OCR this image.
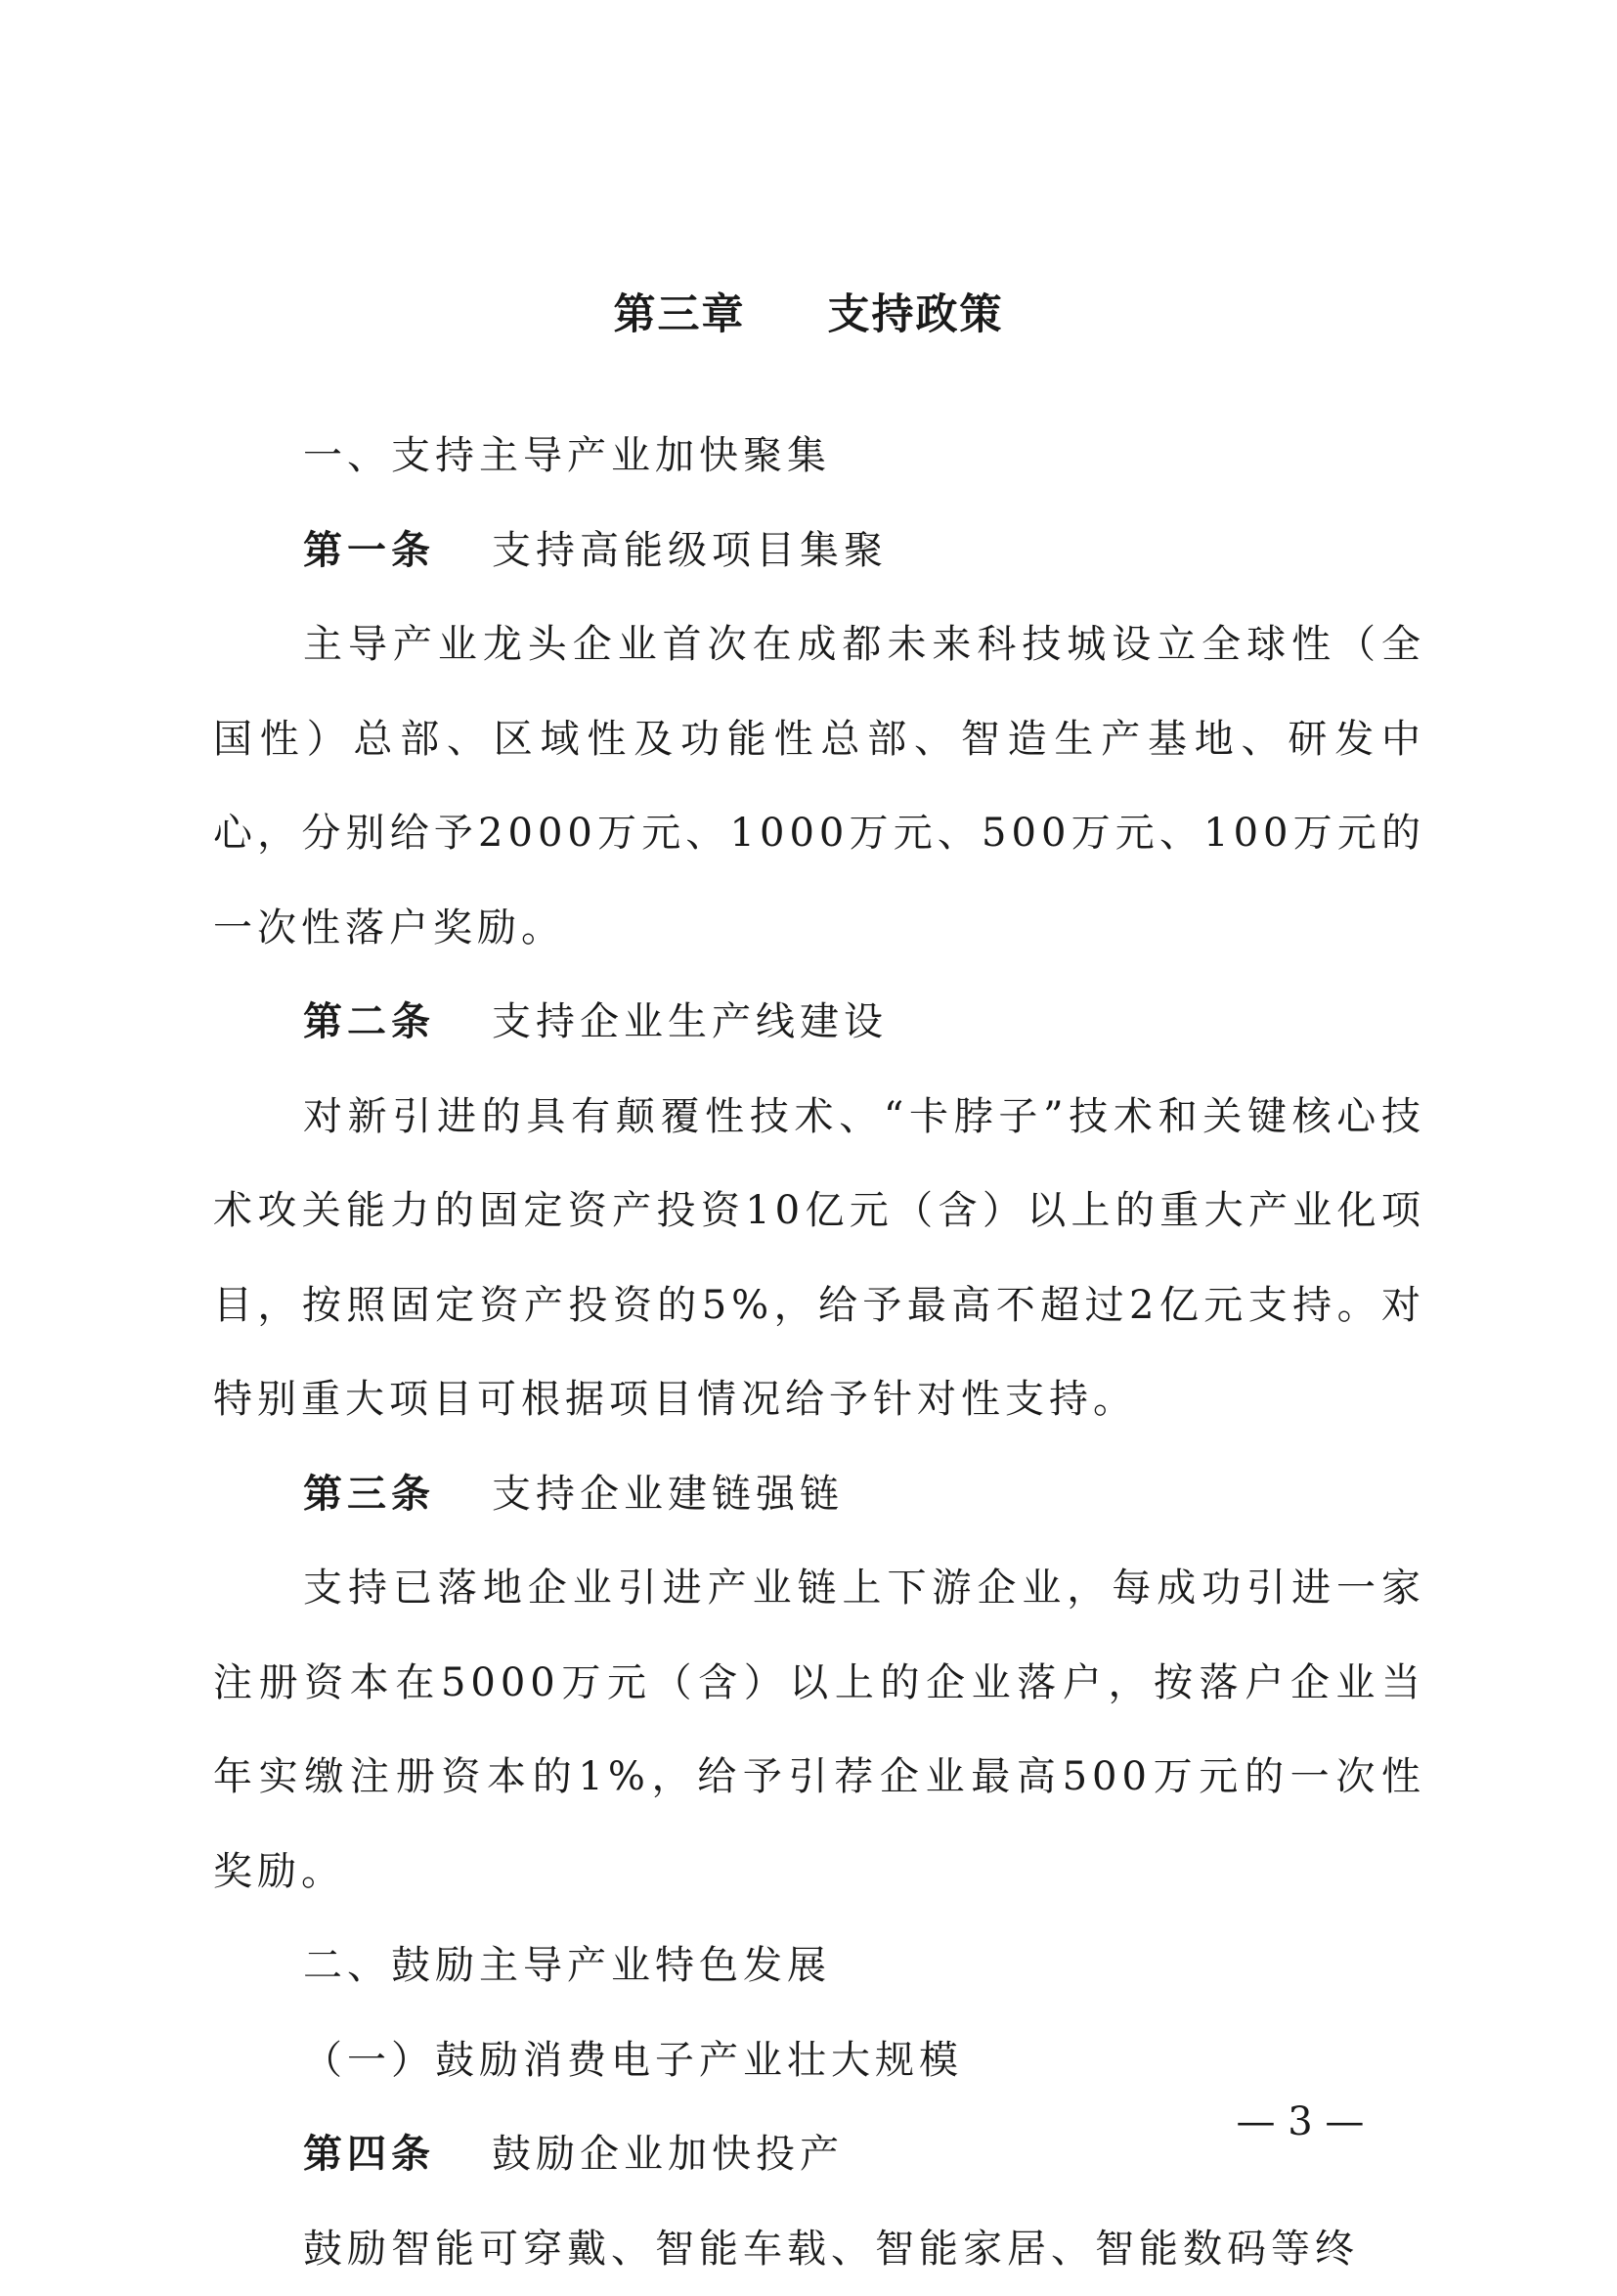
第三章 支持政策

一、支持主导产业加快聚集

第一条 支持高能级项目集聚

主导产业龙头企业首次在成都未来科技城设立全球性（全国性）总部、区域性及功能性总部、智造生产基地、研发中心，分别给予2000万元、1000万元、500万元、100万元的一次性落户奖励。

第二条 支持企业生产线建设

对新引进的具有颠覆性技术、“卡脖子”技术和关键核心技术攻关能力的固定资产投资10亿元（含）以上的重大产业化项目，按照固定资产投资的5%，给予最高不超过2亿元支持。对特别重大项目可根据项目情况给予针对性支持。

第三条 支持企业建链强链

支持已落地企业引进产业链上下游企业，每成功引进一家注册资本在5000万元（含）以上的企业落户，按落户企业当年实缴注册资本的1%，给予引荐企业最高500万元的一次性奖励。

二、鼓励主导产业特色发展

（一）鼓励消费电子产业壮大规模

第四条 鼓励企业加快投产

鼓励智能可穿戴、智能车载、智能家居、智能数码等终

— 3 —
